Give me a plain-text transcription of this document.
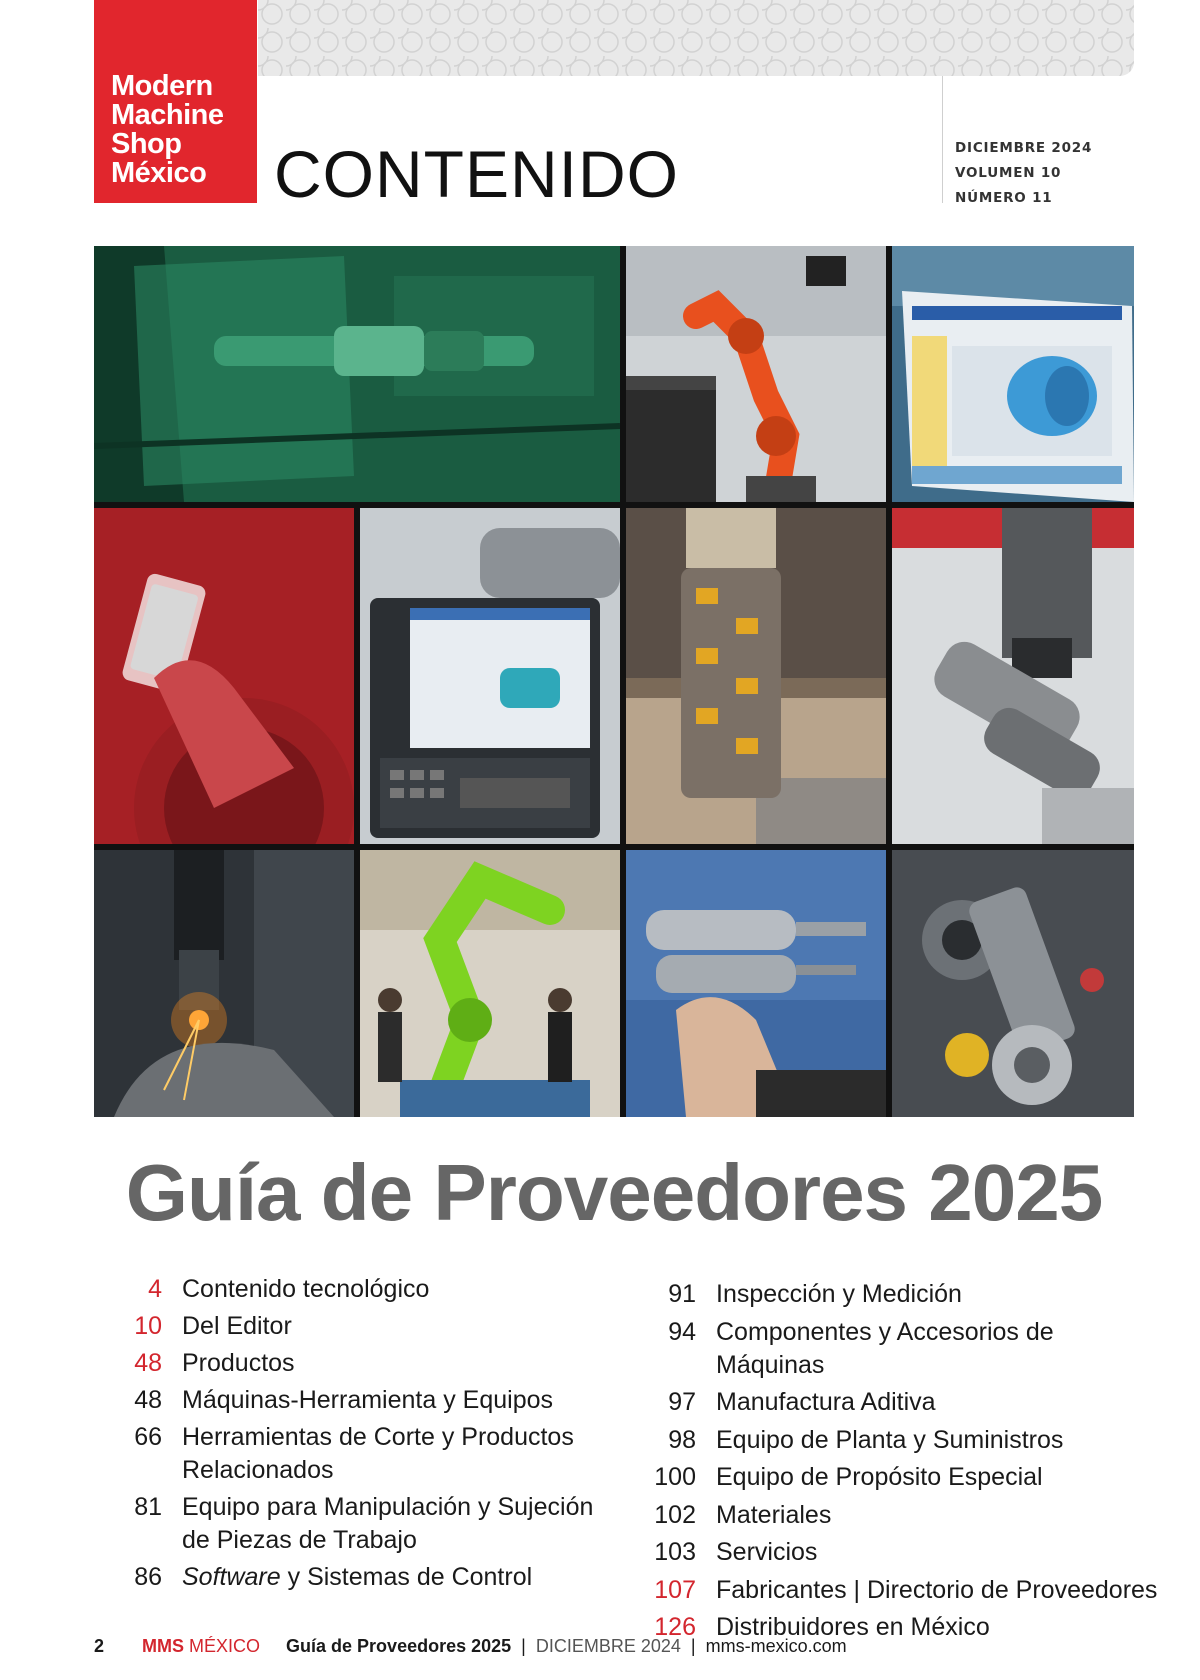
Modern
Machine
Shop
México	CONTENIDO	DICIEMBRE 2024
VOLUMEN 10
NÚMERO 11
Guía de Proveedores 2025
4 Contenido tecnológico
10 Del Editor
48 Productos
48 Máquinas-Herramienta y Equipos
66 Herramientas de Corte y Productos
Relacionados
81 Equipo para Manipulación y Sujeción
de Piezas de Trabajo
86 Software y Sistemas de Control
91 Inspección y Medición
94 Componentes y Accesorios de Máquinas
97 Manufactura Aditiva
98 Equipo de Planta y Suministros
100 Equipo de Propósito Especial
102 Materiales
103 Servicios
107 Fabricantes | Directorio de Proveedores
126 Distribuidores en México
2 MMS MÉXICO Guía de Proveedores 2025 | DICIEMBRE 2024 | mms-mexico.com
